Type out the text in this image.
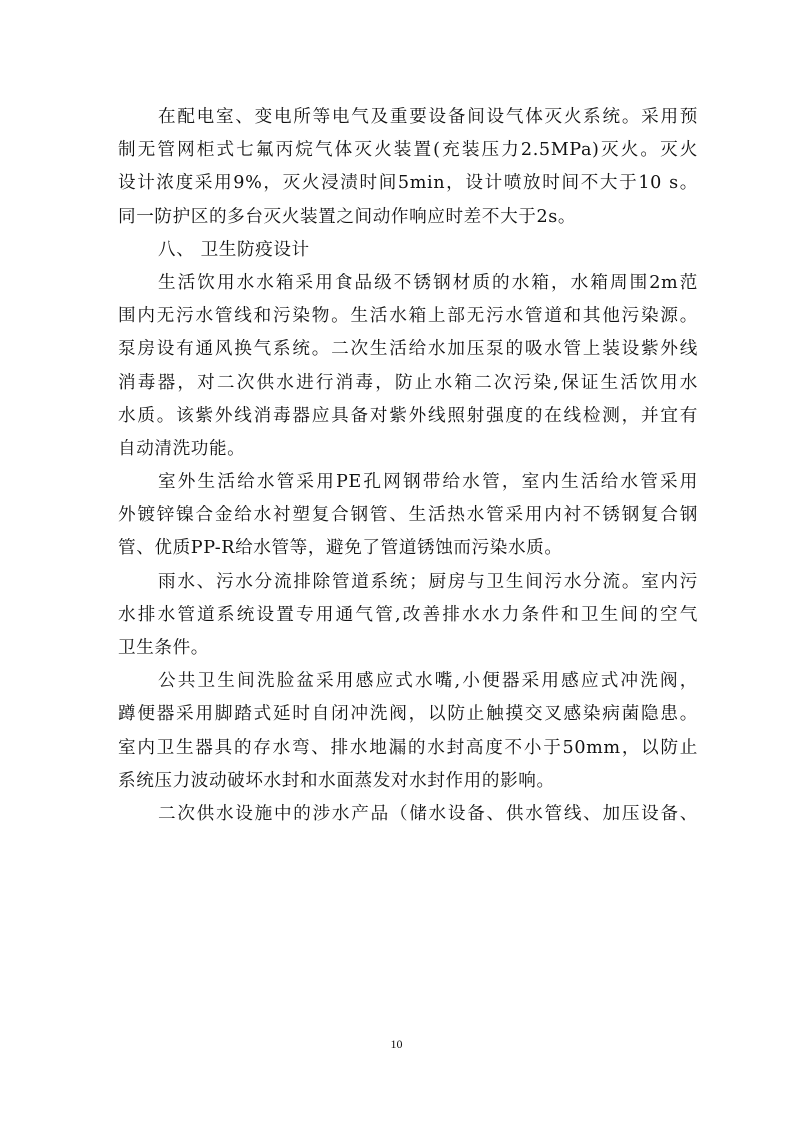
在配电室、变电所等电气及重要设备间设气体灭火系统。采用预
制无管网柜式七氟丙烷气体灭火装置(充装压力2.5MPa)灭火。灭火
设计浓度采用9%，灭火浸渍时间5min，设计喷放时间不大于10 s。
同一防护区的多台灭火装置之间动作响应时差不大于2s。
八、 卫生防疫设计
生活饮用水水箱采用食品级不锈钢材质的水箱，水箱周围2m范
围内无污水管线和污染物。生活水箱上部无污水管道和其他污染源。
泵房设有通风换气系统。二次生活给水加压泵的吸水管上装设紫外线
消毒器，对二次供水进行消毒，防止水箱二次污染,保证生活饮用水
水质。该紫外线消毒器应具备对紫外线照射强度的在线检测，并宜有
自动清洗功能。
室外生活给水管采用PE孔网钢带给水管，室内生活给水管采用
外镀锌镍合金给水衬塑复合钢管、生活热水管采用内衬不锈钢复合钢
管、优质PP-R给水管等，避免了管道锈蚀而污染水质。
雨水、污水分流排除管道系统；厨房与卫生间污水分流。室内污
水排水管道系统设置专用通气管,改善排水水力条件和卫生间的空气
卫生条件。
公共卫生间洗脸盆采用感应式水嘴,小便器采用感应式冲洗阀，
蹲便器采用脚踏式延时自闭冲洗阀，以防止触摸交叉感染病菌隐患。
室内卫生器具的存水弯、排水地漏的水封高度不小于50mm，以防止
系统压力波动破坏水封和水面蒸发对水封作用的影响。
二次供水设施中的涉水产品（储水设备、供水管线、加压设备、
10
